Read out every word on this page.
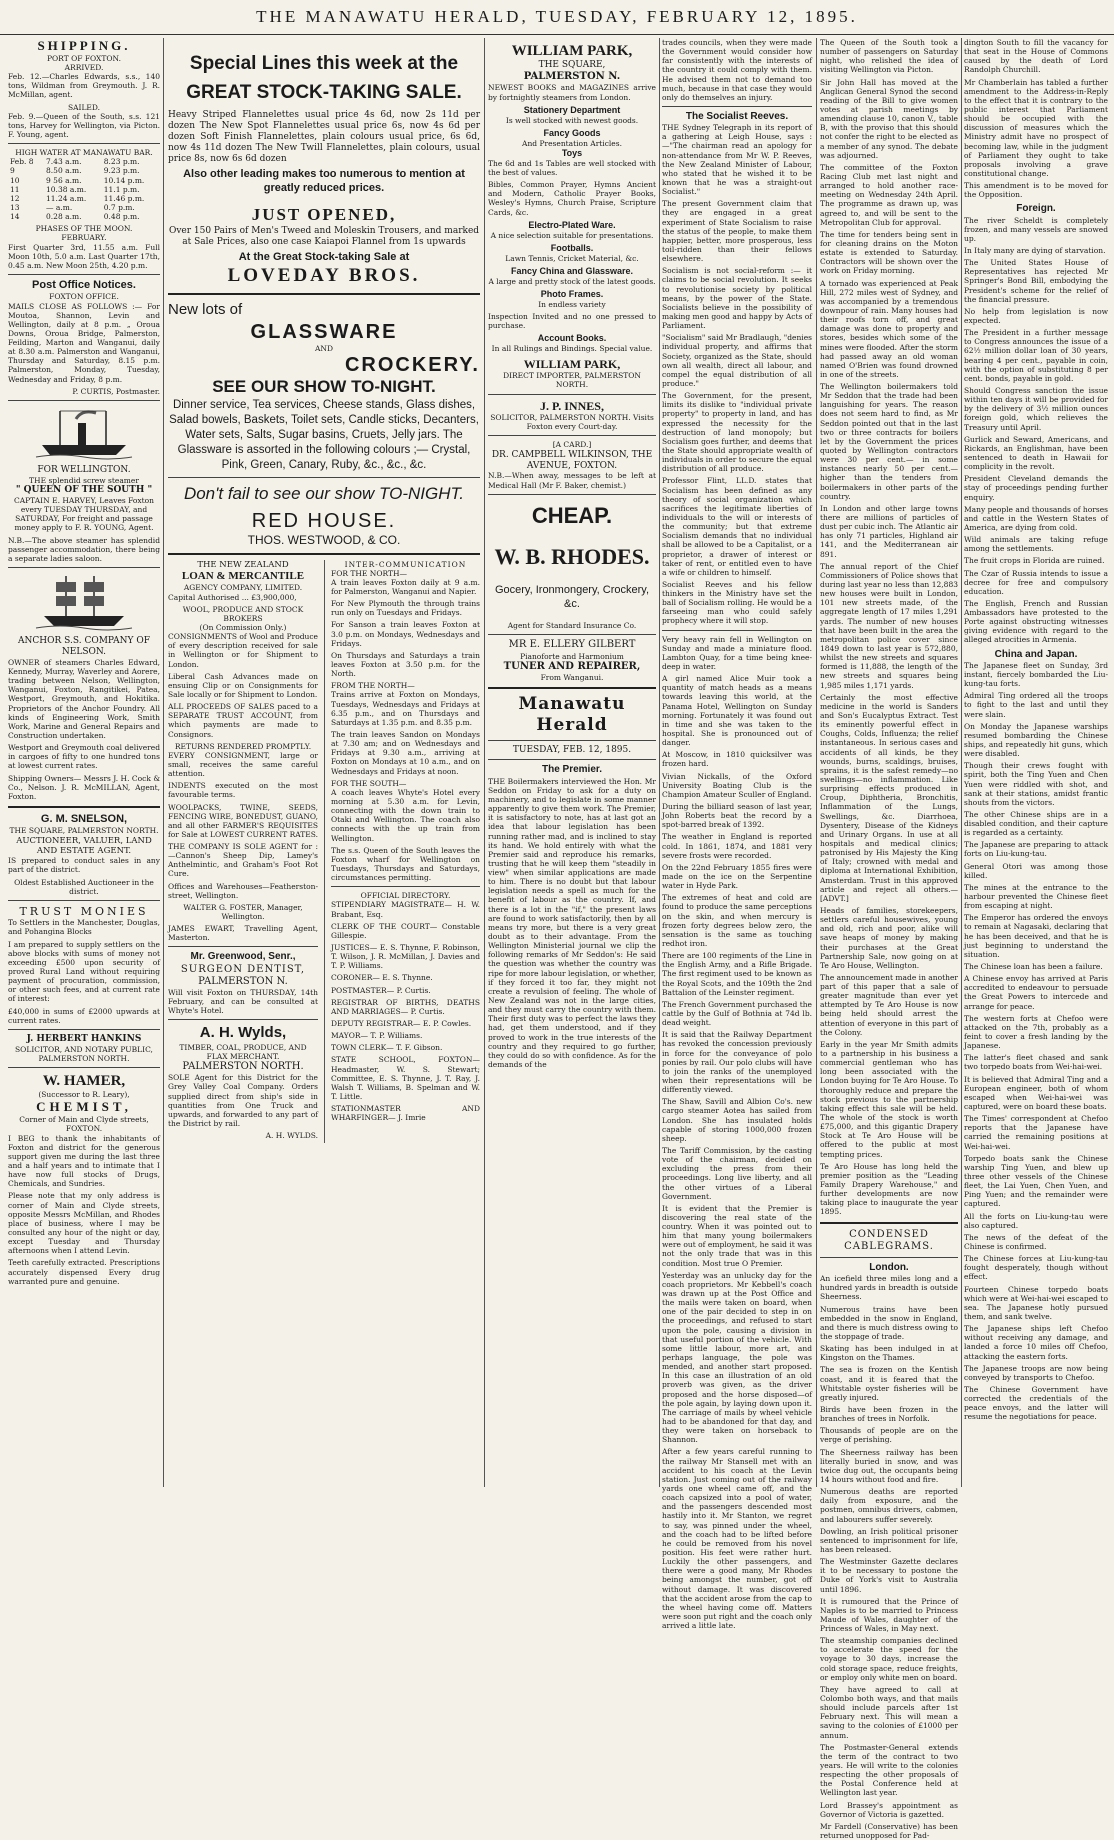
THE MANAWATU HERALD, TUESDAY, FEBRUARY 12, 1895.
SHIPPING.
PORT OF FOXTON.
ARRIVED.

Feb. 12.—Charles Edwards, s.s., 140 tons, Wildman from Greymouth. J. R. McMillan, agent.

SAILED.

Feb. 9.—Queen of the South, s.s. 121 tons, Harvey for Wellington, via Picton. F. Young, agent.

HIGH WATER AT MANAWATU BAR.
Feb. 8	7.43 a.m.	8.23 p.m.
9	8.50 a.m.	9.23 p.m.
10	9 56 a.m.	10.14 p.m.
11	10.38 a.m.	11.1 p.m.
12	11.24 a.m.	11.46 p.m.
13	— a.m.	0.7 p.m.
14	0.28 a.m.	0.48 p.m.
PHASES OF THE MOON.
FEBRUARY.

First Quarter 3rd, 11.55 a.m. Full Moon 10th, 5.0 a.m. Last Quarter 17th, 0.45 a.m. New Moon 25th, 4.20 p.m.

Post Office Notices.
FOXTON OFFICE.

MAILS CLOSE AS FOLLOWS :— For Moutoa, Shannon, Levin and Wellington, daily at 8 p.m. „ Oroua Downs, Oroua Bridge, Palmerston, Feilding, Marton and Wanganui, daily at 8.30 a.m. Palmerston and Wanganui, Thursday and Saturday, 8.15 p.m. Palmerston, Monday, Tuesday, Wednesday and Friday, 8 p.m.

P. CURTIS, Postmaster.

FOR WELLINGTON.
THE splendid screw steamer
" QUEEN OF THE SOUTH "

CAPTAIN E. HARVEY, Leaves Foxton every TUESDAY THURSDAY, and SATURDAY, For freight and passage money apply to F. R. YOUNG, Agent.

N.B.—The above steamer has splendid passenger accommodation, there being a separate ladies saloon.

ANCHOR S.S. COMPANY OF NELSON.

OWNER of steamers Charles Edward, Kennedy, Murray, Waverley and Aorere, trading between Nelson, Wellington, Wanganui, Foxton, Rangitikei, Patea, Westport, Greymouth, and Hokitika. Proprietors of the Anchor Foundry. All kinds of Engineering Work, Smith Work, Marine and General Repairs and Construction undertaken.

Westport and Greymouth coal delivered in cargoes of fifty to one hundred tons at lowest current rates.

Shipping Owners— Messrs J. H. Cock & Co., Nelson. J. R. McMILLAN, Agent, Foxton.

G. M. SNELSON,
THE SQUARE, PALMERSTON NORTH.
AUCTIONEER, VALUER, LAND AND ESTATE AGENT.

IS prepared to conduct sales in any part of the district.

Oldest Established Auctioneer in the district.
TRUST MONIES

To Settlers in the Manchester, Douglas, and Pohangina Blocks

I am prepared to supply settlers on the above blocks with sums of money not exceeding £500 upon security of proved Rural Land without requiring payment of procuration, commission, or other such fees, and at current rate of interest:

£40,000 in sums of £2000 upwards at current rates.

J. HERBERT HANKINS
SOLICITOR, AND NOTARY PUBLIC, PALMERSTON NORTH.
W. HAMER,
(Successor to R. Leary),
CHEMIST,
Corner of Main and Clyde streets, FOXTON.

I BEG to thank the inhabitants of Foxton and district for the generous support given me during the last three and a half years and to intimate that I have now full stocks of Drugs, Chemicals, and Sundries.

Please note that my only address is corner of Main and Clyde streets, opposite Messrs McMillan, and Rhodes place of business, where I may be consulted any hour of the night or day, except Tuesday and Thursday afternoons when I attend Levin.

Teeth carefully extracted. Prescriptions accurately dispensed Every drug warranted pure and genuine.

Special Lines this week at the
GREAT STOCK-TAKING SALE.

Heavy Striped Flannelettes usual price 4s 6d, now 2s 11d per dozen The New Spot Flannelettes usual price 6s, now 4s 6d per dozen Soft Finish Flannelettes, plain colours usual price, 6s 6d, now 4s 11d dozen The New Twill Flannelettes, plain colours, usual price 8s, now 6s 6d dozen

Also other leading makes too numerous to mention at greatly reduced prices.
JUST OPENED,

Over 150 Pairs of Men's Tweed and Moleskin Trousers, and marked at Sale Prices, also one case Kaiapoi Flannel from 1s upwards

At the Great Stock-taking Sale at
LOVEDAY BROS.
New lots of
GLASSWARE
AND
CROCKERY.
SEE OUR SHOW TO-NIGHT.

Dinner service, Tea services, Cheese stands, Glass dishes, Salad bowels, Baskets, Toilet sets, Candle sticks, Decanters, Water sets, Salts, Sugar basins, Cruets, Jelly jars. The Glassware is assorted in the following colours ;— Crystal, Pink, Green, Canary, Ruby, &c., &c., &c.

Don't fail to see our show TO-NIGHT.
RED HOUSE.
THOS. WESTWOOD, & CO.
THE NEW ZEALAND
LOAN & MERCANTILE
AGENCY COMPANY, LIMITED.

Capital Authorised ... £3,900,000,

WOOL, PRODUCE AND STOCK BROKERS
(On Commission Only.)

CONSIGNMENTS of Wool and Produce of every description received for sale in Wellington or for Shipment to London.

Liberal Cash Advances made on ensuing Clip or on Consignments for Sale locally or for Shipment to London.

ALL PROCEEDS OF SALES paced to a SEPARATE TRUST ACCOUNT, from which payments are made to Consignors.

RETURNS RENDERED PROMPTLY.

EVERY CONSIGNMENT, large or small, receives the same careful attention.

INDENTS executed on the most favourable terms.

WOOLPACKS, TWINE, SEEDS, FENCING WIRE, BONEDUST, GUANO, and all other FARMER'S REQUISITES for Sale at LOWEST CURRENT RATES.

THE COMPANY IS SOLE AGENT for :—Cannon's Sheep Dip, Lamey's Anthelmintic, and Graham's Foot Rot Cure.

Offices and Warehouses—Featherston-street, Wellington.

WALTER G. FOSTER, Manager, Wellington.

JAMES EWART, Travelling Agent, Masterton.

Mr. Greenwood, Senr.,
SURGEON DENTIST,
PALMERSTON N.

Will visit Foxton on THURSDAY, 14th February, and can be consulted at Whyte's Hotel.

A. H. Wylds,
TIMBER, COAL, PRODUCE, AND FLAX MERCHANT.
PALMERSTON NORTH.

SOLE Agent for this District for the Grey Valley Coal Company. Orders supplied direct from ship's side in quantities from One Truck and upwards, and forwarded to any part of the District by rail.

A. H. WYLDS.

INTER-COMMUNICATION
FOR THE NORTH—

A train leaves Foxton daily at 9 a.m. for Palmerston, Wanganui and Napier.

For New Plymouth the through trains run only on Tuesdays and Fridays.

For Sanson a train leaves Foxton at 3.0 p.m. on Mondays, Wednesdays and Fridays.

On Thursdays and Saturdays a train leaves Foxton at 3.50 p.m. for the North.

FROM THE NORTH—

Trains arrive at Foxton on Mondays, Tuesdays, Wednesdays and Fridays at 6.35 p.m., and on Thursdays and Saturdays at 1.35 p.m. and 8.35 p.m.

The train leaves Sandon on Mondays at 7.30 am; and on Wednesdays and Fridays at 9.30 a.m., arriving at Foxton on Mondays at 10 a.m., and on Wednesdays and Fridays at noon.

FOR THE SOUTH—

A coach leaves Whyte's Hotel every morning at 5.30 a.m. for Levin, connecting with the down train to Otaki and Wellington. The coach also connects with the up train from Wellington.

The s.s. Queen of the South leaves the Foxton wharf for Wellington on Tuesdays, Thursdays and Saturdays, circumstances permitting.

OFFICIAL DIRECTORY.

STIPENDIARY MAGISTRATE— H. W. Brabant, Esq.

CLERK OF THE COURT— Constable Gillespie.

JUSTICES— E. S. Thynne, F. Robinson, T. Wilson, J. R. McMillan, J. Davies and T. P. Williams.

CORONER— E. S. Thynne.

POSTMASTER— P. Curtis.

REGISTRAR OF BIRTHS, DEATHS AND MARRIAGES— P. Curtis.

DEPUTY REGISTRAR— E. P. Cowles.

MAYOR— T. P. Williams.

TOWN CLERK— T. F. Gibson.

STATE SCHOOL, FOXTON— Headmaster, W. S. Stewart; Committee, E. S. Thynne, J. T. Ray, J. Walsh T. Williams, B. Spelman and W. T. Little.

STATIONMASTER AND WHARFINGER— J. Imrie

WILLIAM PARK,
THE SQUARE,
PALMERSTON N.

NEWEST BOOKS and MAGAZINES arrive by fortnightly steamers from London.

Stationery Department

Is well stocked with newest goods.

Fancy Goods
And Presentation Articles.
Toys

The 6d and 1s Tables are well stocked with the best of values.

Bibles, Common Prayer, Hymns Ancient and Modern, Catholic Prayer Books, Wesley's Hymns, Church Praise, Scripture Cards, &c.

Electro-Plated Ware.

A nice selection suitable for presentations.

Footballs.

Lawn Tennis, Cricket Material, &c.

Fancy China and Glassware.

A large and pretty stock of the latest goods.

Photo Frames.

In endless variety

Inspection Invited and no one pressed to purchase.

Account Books.

In all Rulings and Bindings. Special value.

WILLIAM PARK,
DIRECT IMPORTER, PALMERSTON NORTH.
J. P. INNES,
SOLICITOR, PALMERSTON NORTH. Visits Foxton every Court-day.
[A CARD.]
DR. CAMPBELL WILKINSON, THE AVENUE, FOXTON.

N.B.—When away, messages to be left at Medical Hall (Mr F. Baker, chemist.)

CHEAP.
W. B. RHODES.
Gocery, Ironmongery, Crockery, &c.
Agent for Standard Insurance Co.
MR E. ELLERY GILBERT
Pianoforte and Harmonium
TUNER AND REPAIRER,
From Wanganui.
Manawatu Herald
TUESDAY, FEB. 12, 1895.
The Premier.

THE Boilermakers interviewed the Hon. Mr Seddon on Friday to ask for a duty on machinery, and to legislate in some manner apparently to give them work. The Premier, it is satisfactory to note, has at last got an idea that labour legislation has been running rather mad, and is inclined to stay its hand. We hold entirely with what the Premier said and reproduce his remarks, trusting that he will keep them "steadily in view" when similar applications are made to him. There is no doubt but that labour legislation needs a spell as much for the benefit of labour as the country. If, and there is a lot in the "if," the present laws are found to work satisfactorily, then by all means try more, but there is a very great doubt as to their advantage. From the Wellington Ministerial journal we clip the following remarks of Mr Seddon's: He said the question was whether the country was ripe for more labour legislation, or whether, if they forced it too far, they might not create a revulsion of feeling. The whole of New Zealand was not in the large cities, and they must carry the country with them. Their first duty was to perfect the laws they had, get them understood, and if they proved to work in the true interests of the country and they required to go further, they could do so with confidence. As for the demands of the

trades councils, when they were made the Government would consider how far consistently with the interests of the country it could comply with them. He advised them not to demand too much, because in that case they would only do themselves an injury.

The Socialist Reeves.

THE Sydney Telegraph in its report of a gathering at Leigh House, says :—"The chairman read an apology for non-attendance from Mr W. P. Reeves, the New Zealand Minister of Labour, who stated that he wished it to be known that he was a straight-out Socialist."

The present Government claim that they are engaged in a great experiment of State Socialism to raise the status of the people, to make them happier, better, more prosperous, less toil-ridden than their fellows elsewhere.

Socialism is not social-reform :— it claims to be social revolution. It seeks to revolutionise society by political means, by the power of the State. Socialists believe in the possibility of making men good and happy by Acts of Parliament.

"Socialism" said Mr Bradlaugh, "denies individual property, and affirms that Society, organized as the State, should own all wealth, direct all labour, and compel the equal distribution of all produce."

The Government, for the present, limits its dislike to "individual private property" to property in land, and has expressed the necessity for the destruction of land monopoly; but Socialism goes further, and deems that the State should appropriate wealth of individuals in order to secure the equal distribution of all produce.

Professor Flint, LL.D. states that Socialism has been defined as any theory of social organization which sacrifices the legitimate liberties of individuals to the will or interests of the community; but that extreme Socialism demands that no individual shall be allowed to be a Capitalist, or a proprietor, a drawer of interest or taker of rent, or entitled even to have a wife or children to himself.

Socialist Reeves and his fellow thinkers in the Ministry have set the ball of Socialism rolling. He would be a farseeing man who could safely prophecy where it will stop.

Very heavy rain fell in Wellington on Sunday and made a miniature flood. Lambton Quay, for a time being knee-deep in water.

A girl named Alice Muir took a quantity of match heads as a means towards leaving this world, at the Panama Hotel, Wellington on Sunday morning. Fortunately it was found out in time and she was taken to the hospital. She is pronounced out of danger.

At Moscow, in 1810 quicksilver was frozen hard.

Vivian Nickalls, of the Oxford University Boating Club is the Champion Amateur Sculler of England.

During the billiard season of last year, John Roberts beat the record by a spot-barred break of 1392.

The weather in England is reported cold. In 1861, 1874, and 1881 very severe frosts were recorded.

On the 22nd February 1855 fires were made on the ice on the Serpentine water in Hyde Park.

The extremes of heat and cold are found to produce the same perceptions on the skin, and when mercury is frozen forty degrees below zero, the sensation is the same as touching redhot iron.

There are 100 regiments of the Line in the English Army, and a Rifle Brigade. The first regiment used to be known as the Royal Scots, and the 109th the 2nd Battalion of the Leinster regiment.

The French Government purchased the cattle by the Gulf of Bothnia at 74d lb. dead weight.

It is said that the Railway Department has revoked the concession previously in force for the conveyance of polo ponies by rail. Our polo clubs will have to join the ranks of the unemployed when their representations will be differently viewed.

The Shaw, Savill and Albion Co's. new cargo steamer Aotea has sailed from London. She has insulated holds capable of storing 1000,000 frozen sheep.

The Tariff Commission, by the casting vote of the chairman, decided on excluding the press from their proceedings. Long live liberty, and all the other virtues of a Liberal Government.

It is evident that the Premier is discovering the real state of the country. When it was pointed out to him that many young boilermakers were out of employment, he said it was not the only trade that was in this condition. Most true O Premier.

Yesterday was an unlucky day for the coach proprietors. Mr Kebbell's coach was drawn up at the Post Office and the mails were taken on board, when one of the pair decided to step in on the proceedings, and refused to start upon the pole, causing a division in that useful portion of the vehicle. With some little labour, more art, and perhaps language, the pole was mended, and another start proposed. In this case an illustration of an old proverb was given, as the driver proposed and the horse disposed—of the pole again, by laying down upon it. The carriage of mails by wheel vehicle had to be abandoned for that day, and they were taken on horseback to Shannon.

After a few years careful running to the railway Mr Stansell met with an accident to his coach at the Levin station. Just coming out of the railway yards one wheel came off, and the coach capsized into a pool of water, and the passengers descended most hastily into it. Mr Stanton, we regret to say, was pinned under the wheel, and the coach had to be lifted before he could be removed from his novel position. His feet were rather hurt. Luckily the other passengers, and there were a good many, Mr Rhodes being amongst the number, got off without damage. It was discovered that the accident arose from the cap to the wheel having come off. Matters were soon put right and the coach only arrived a little late.

The Queen of the South took a number of passengers on Saturday night, who relished the idea of visiting Wellington via Picton.

Sir John Hall has moved at the Anglican General Synod the second reading of the Bill to give women votes at parish meetings by amending clause 10, canon V., table B, with the proviso that this should not confer the right to be elected as a member of any synod. The debate was adjourned.

The committee of the Foxton Racing Club met last night and arranged to hold another race-meeting on Wednesday 24th April. The programme as drawn up, was agreed to, and will be sent to the Metropolitan Club for approval.

The time for tenders being sent in for cleaning drains on the Moton estate is extended to Saturday. Contractors will be shown over the work on Friday morning.

A tornado was experienced at Peak Hill, 272 miles west of Sydney, and was accompanied by a tremendous downpour of rain. Many houses had their roofs torn off, and great damage was done to property and stores, besides which some of the mines were flooded. After the storm had passed away an old woman named O'Brien was found drowned in one of the streets.

The Wellington boilermakers told Mr Seddon that the trade had been languishing for years. The reason does not seem hard to find, as Mr Seddon pointed out that in the last two or three contracts for boilers let by the Government the prices quoted by Wellington contractors were 30 per cent.— in some instances nearly 50 per cent.— higher than the tenders from boilermakers in other parts of the country.

In London and other large towns there are millions of particles of dust per cubic inch. The Atlantic air has only 71 particles, Highland air 141, and the Mediterranean air 891.

The annual report of the Chief Commissioners of Police shows that during last year no less than 12,883 new houses were built in London, 101 new streets made, of the aggregate length of 17 miles 1,291 yards. The number of new houses that have been built in the area the metropolitan police cover since 1849 down to last year is 572,880, whilst the new streets and squares formed is 11,888, the length of the new streets and squares being 1,985 miles 1,171 yards.

Certainly the most effective medicine in the world is Sanders and Son's Eucalyptus Extract. Test its eminently powerful effect in Coughs, Colds, Influenza; the relief instantaneous. In serious cases and accidents of all kinds, be they wounds, burns, scaldings, bruises, sprains, it is the safest remedy—no swellings—no inflammation. Like surprising effects produced in Croup, Diphtheria, Bronchitis, Inflammation of the Lungs, Swellings, &c. Diarrhoea, Dysentery, Disease of the Kidneys and Urinary Organs. In use at all hospitals and medical clinics; patronised by His Majesty the King of Italy; crowned with medal and diploma at International Exhibition, Amsterdam. Trust in this approved article and reject all others.—[ADVT.]

Heads of families, storekeepers, settlers careful housewives, young and old, rich and poor, alike will save heaps of money by making their purchases at the Great Partnership Sale, now going on at Te Aro House, Wellington.

The announcement made in another part of this paper that a sale of greater magnitude than ever yet attempted by Te Aro House is now being held should arrest the attention of everyone in this part of the Colony.

Early in the year Mr Smith admits to a partnership in his business a commercial gentleman who has long been associated with the London buying for Te Aro House. To thoroughly reduce and prepare the stock previous to the partnership taking effect this sale will be held. The whole of the stock is worth £75,000, and this gigantic Drapery Stock at Te Aro House will be offered to the public at most tempting prices.

Te Aro House has long held the premier position as the "Leading Family Drapery Warehouse," and further developments are now taking place to inaugurate the year 1895.

CONDENSED CABLEGRAMS.
London.

An icefield three miles long and a hundred yards in breadth is outside Sheerness.

Numerous trains have been embedded in the snow in England, and there is much distress owing to the stoppage of trade.

Skating has been indulged in at Kingston on the Thames.

The sea is frozen on the Kentish coast, and it is feared that the Whitstable oyster fisheries will be greatly injured.

Birds have been frozen in the branches of trees in Norfolk.

Thousands of people are on the verge of perishing.

The Sheerness railway has been literally buried in snow, and was twice dug out, the occupants being 14 hours without food and fire.

Numerous deaths are reported daily from exposure, and the postmen, omnibus drivers, cabmen, and labourers suffer severely.

Dowling, an Irish political prisoner sentenced to imprisonment for life, has been released.

The Westminster Gazette declares it to be necessary to postone the Duke of York's visit to Australia until 1896.

It is rumoured that the Prince of Naples is to be married to Princess Maude of Wales, daughter of the Princess of Wales, in May next.

The steamship companies declined to accelerate the speed for the voyage to 30 days, increase the cold storage space, reduce freights, or employ only white men on board.

They have agreed to call at Colombo both ways, and that mails should include parcels after 1st February next. This will mean a saving to the colonies of £1000 per annum.

The Postmaster-General extends the term of the contract to two years. He will write to the colonies respecting the other proposals of the Postal Conference held at Wellington last year.

Lord Brassey's appointment as Governor of Victoria is gazetted.

Mr Fardell (Conservative) has been returned unopposed for Pad-

dington South to fill the vacancy for that seat in the House of Commons caused by the death of Lord Randolph Churchill.

Mr Chamberlain has tabled a further amendment to the Address-in-Reply to the effect that it is contrary to the public interest that Parliament should be occupied with the discussion of measures which the Ministry admit have no prospect of becoming law, while in the judgment of Parliament they ought to take proposals involving a grave constitutional change.

This amendment is to be moved for the Opposition.

Foreign.

The river Scheldt is completely frozen, and many vessels are snowed up.

In Italy many are dying of starvation.

The United States House of Representatives has rejected Mr Springer's Bond Bill, embodying the President's scheme for the relief of the financial pressure.

No help from legislation is now expected.

The President in a further message to Congress announces the issue of a 62½ million dollar loan of 30 years, bearing 4 per cent., payable in coin, with the option of substituting 8 per cent. bonds, payable in gold.

Should Congress sanction the issue within ten days it will be provided for by the delivery of 3½ million ounces foreign gold, which relieves the Treasury until April.

Gurlick and Seward, Americans, and Rickards, an Englishman, have been sentenced to death in Hawaii for complicity in the revolt.

President Cleveland demands the stay of proceedings pending further enquiry.

Many people and thousands of horses and cattle in the Western States of America, are dying from cold.

Wild animals are taking refuge among the settlements.

The fruit crops in Florida are ruined.

The Czar of Russia intends to issue a decree for free and compulsory education.

The English, French and Russian Ambassadors have protested to the Porte against obstructing witnesses giving evidence with regard to the alleged atrocities in Armenia.

China and Japan.

The Japanese fleet on Sunday, 3rd instant, fiercely bombarded the Liu-kung-tau forts.

Admiral Ting ordered all the troops to fight to the last and until they were slain.

On Monday the Japanese warships resumed bombarding the Chinese ships, and repeatedly hit guns, which were disabled.

Though their crews fought with spirit, both the Ting Yuen and Chen Yuen were riddled with shot, and sank at their stations, amidst frantic shouts from the victors.

The other Chinese ships are in a disabled condition, and their capture is regarded as a certainty.

The Japanese are preparing to attack forts on Liu-kung-tau.

General Otori was among those killed.

The mines at the entrance to the harbour prevented the Chinese fleet from escaping at night.

The Emperor has ordered the envoys to remain at Nagasaki, declaring that he has been deceived, and that he is just beginning to understand the situation.

The Chinese loan has been a failure.

A Chinese envoy has arrived at Paris accredited to endeavour to persuade the Great Powers to intercede and arrange for peace.

The western forts at Chefoo were attacked on the 7th, probably as a feint to cover a fresh landing by the Japanese.

The latter's fleet chased and sank two torpedo boats from Wei-hai-wei.

It is believed that Admiral Ting and a European engineer, both of whom escaped when Wei-hai-wei was captured, were on board these boats.

The Times' correspondent at Chefoo reports that the Japanese have carried the remaining positions at Wei-hai-wei.

Torpedo boats sank the Chinese warship Ting Yuen, and blew up three other vessels of the Chinese fleet, the Lai Yuen, Chen Yuen, and Ping Yuen; and the remainder were captured.

All the forts on Liu-kung-tau were also captured.

The news of the defeat of the Chinese is confirmed.

The Chinese forces at Liu-kung-tau fought desperately, though without effect.

Fourteen Chinese torpedo boats which were at Wei-hai-wei escaped to sea. The Japanese hotly pursued them, and sank twelve.

The Japanese ships left Chefoo without receiving any damage, and landed a force 10 miles off Chefoo, attacking the eastern forts.

The Japanese troops are now being conveyed by transports to Chefoo.

The Chinese Government have corrected the credentials of the peace envoys, and the latter will resume the negotiations for peace.
